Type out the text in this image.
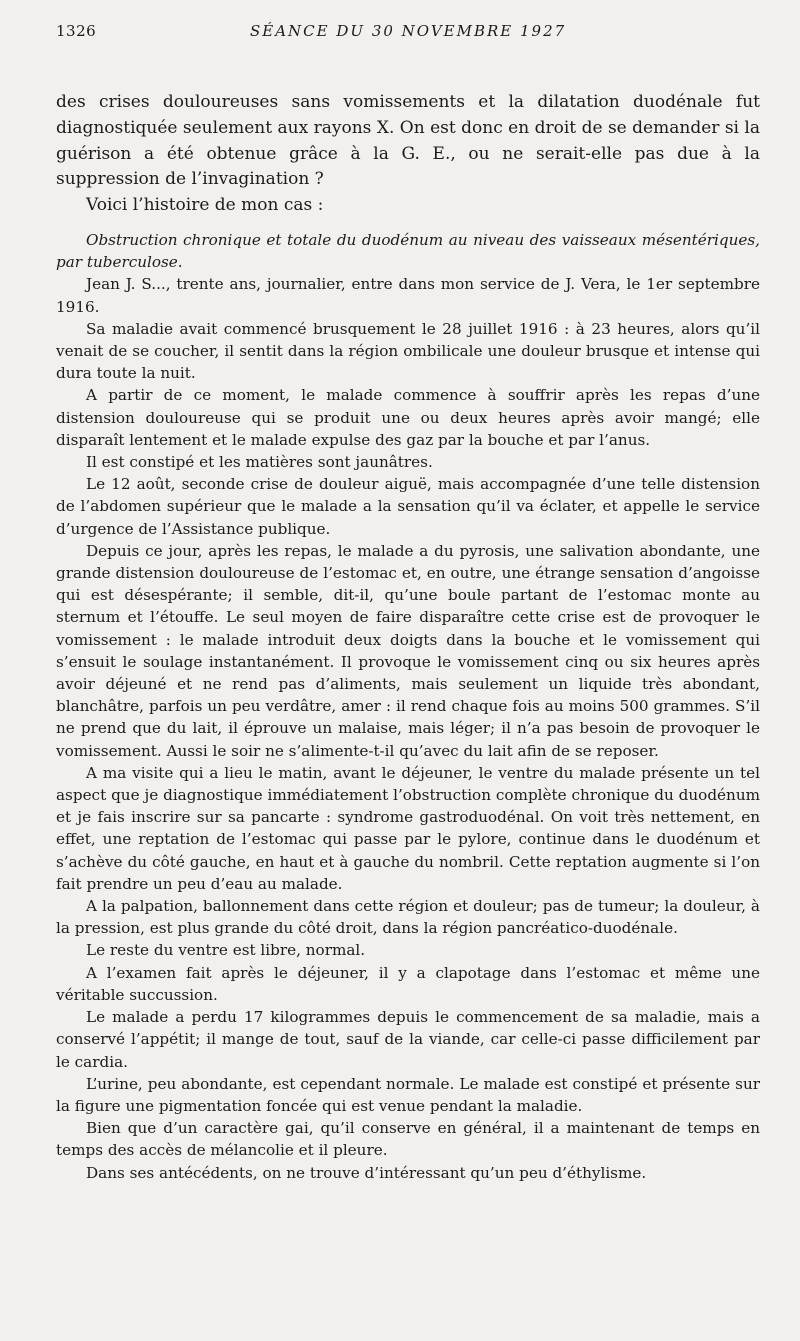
1326	SÉANCE DU 30 NOVEMBRE 1927

des crises douloureuses sans vomissements et la dilatation duodénale fut diagnostiquée seulement aux rayons X. On est donc en droit de se demander si la guérison a été obtenue grâce à la G. E., ou ne serait-elle pas due à la suppression de l’invagination ?

Voici l’histoire de mon cas :

Obstruction chronique et totale du duodénum au niveau des vaisseaux mésentériques, par tuberculose.

Jean J. S..., trente ans, journalier, entre dans mon service de J. Vera, le 1er septembre 1916.

Sa maladie avait commencé brusquement le 28 juillet 1916 : à 23 heures, alors qu’il venait de se coucher, il sentit dans la région ombilicale une douleur brusque et intense qui dura toute la nuit.

A partir de ce moment, le malade commence à souffrir après les repas d’une distension douloureuse qui se produit une ou deux heures après avoir mangé; elle disparaît lentement et le malade expulse des gaz par la bouche et par l’anus.

Il est constipé et les matières sont jaunâtres.

Le 12 août, seconde crise de douleur aiguë, mais accompagnée d’une telle distension de l’abdomen supérieur que le malade a la sensation qu’il va éclater, et appelle le service d’urgence de l’Assistance publique.

Depuis ce jour, après les repas, le malade a du pyrosis, une salivation abondante, une grande distension douloureuse de l’estomac et, en outre, une étrange sensation d’angoisse qui est désespérante; il semble, dit-il, qu’une boule partant de l’estomac monte au sternum et l’étouffe. Le seul moyen de faire disparaître cette crise est de provoquer le vomissement : le malade introduit deux doigts dans la bouche et le vomissement qui s’ensuit le soulage instantanément. Il provoque le vomissement cinq ou six heures après avoir déjeuné et ne rend pas d’aliments, mais seulement un liquide très abondant, blanchâtre, parfois un peu verdâtre, amer : il rend chaque fois au moins 500 grammes. S’il ne prend que du lait, il éprouve un malaise, mais léger; il n’a pas besoin de provoquer le vomissement. Aussi le soir ne s’alimente-t-il qu’avec du lait afin de se reposer.

A ma visite qui a lieu le matin, avant le déjeuner, le ventre du malade présente un tel aspect que je diagnostique immédiatement l’obstruction complète chronique du duodénum et je fais inscrire sur sa pancarte : syndrome gastroduodénal. On voit très nettement, en effet, une reptation de l’estomac qui passe par le pylore, continue dans le duodénum et s’achève du côté gauche, en haut et à gauche du nombril. Cette reptation augmente si l’on fait prendre un peu d’eau au malade.

A la palpation, ballonnement dans cette région et douleur; pas de tumeur; la douleur, à la pression, est plus grande du côté droit, dans la région pancréatico-duodénale.

Le reste du ventre est libre, normal.

A l’examen fait après le déjeuner, il y a clapotage dans l’estomac et même une véritable succussion.

Le malade a perdu 17 kilogrammes depuis le commencement de sa maladie, mais a conservé l’appétit; il mange de tout, sauf de la viande, car celle-ci passe difficilement par le cardia.

L’urine, peu abondante, est cependant normale. Le malade est constipé et présente sur la figure une pigmentation foncée qui est venue pendant la maladie.

Bien que d’un caractère gai, qu’il conserve en général, il a maintenant de temps en temps des accès de mélancolie et il pleure.

Dans ses antécédents, on ne trouve d’intéressant qu’un peu d’éthylisme.
